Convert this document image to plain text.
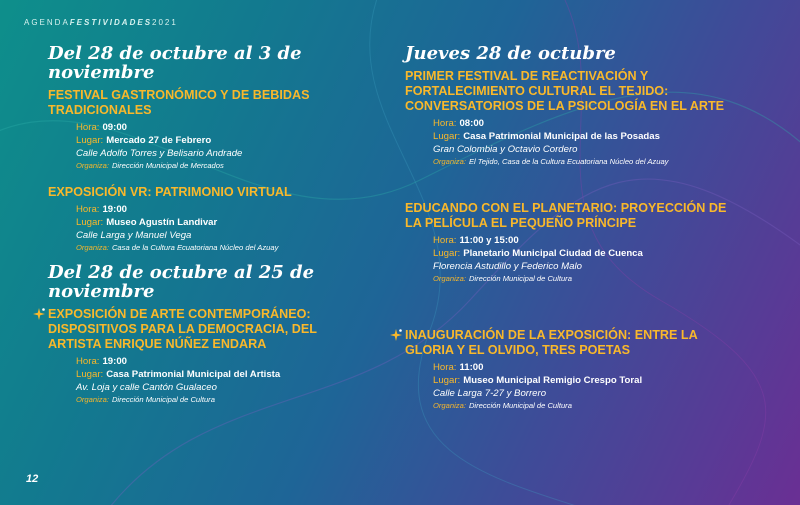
AGENDAFESTIVIDADES2021
Del 28 de octubre al 3 de noviembre
FESTIVAL GASTRONÓMICO Y DE BEBIDAS TRADICIONALES
Hora: 09:00
Lugar: Mercado 27 de Febrero
Calle Adolfo Torres y Belisario Andrade
Organiza: Dirección Municipal de Mercados
EXPOSICIÓN VR: PATRIMONIO VIRTUAL
Hora: 19:00
Lugar: Museo Agustín Landivar
Calle Larga y Manuel Vega
Organiza: Casa de la Cultura Ecuatoriana Núcleo del Azuay
Del 28 de octubre al 25 de noviembre
EXPOSICIÓN DE ARTE CONTEMPORÁNEO: DISPOSITIVOS PARA LA DEMOCRACIA, DEL ARTISTA ENRIQUE NÚÑEZ ENDARA
Hora: 19:00
Lugar: Casa Patrimonial Municipal del Artista
Av. Loja y calle Cantón Gualaceo
Organiza: Dirección Municipal de Cultura
Jueves 28 de octubre
PRIMER FESTIVAL DE REACTIVACIÓN Y FORTALECIMIENTO CULTURAL EL TEJIDO: CONVERSATORIOS DE LA PSICOLOGÍA EN EL ARTE
Hora: 08:00
Lugar: Casa Patrimonial Municipal de las Posadas
Gran Colombia y Octavio Cordero
Organiza: El Tejido, Casa de la Cultura Ecuatoriana Núcleo del Azuay
EDUCANDO CON EL PLANETARIO: PROYECCIÓN DE LA PELÍCULA EL PEQUEÑO PRÍNCIPE
Hora: 11:00 y 15:00
Lugar: Planetario Municipal Ciudad de Cuenca
Florencia Astudillo y Federico Malo
Organiza: Dirección Municipal de Cultura
INAUGURACIÓN DE LA EXPOSICIÓN: ENTRE LA GLORIA Y EL OLVIDO, TRES POETAS
Hora: 11:00
Lugar: Museo Municipal Remigio Crespo Toral
Calle Larga 7-27 y Borrero
Organiza: Dirección Municipal de Cultura
12
